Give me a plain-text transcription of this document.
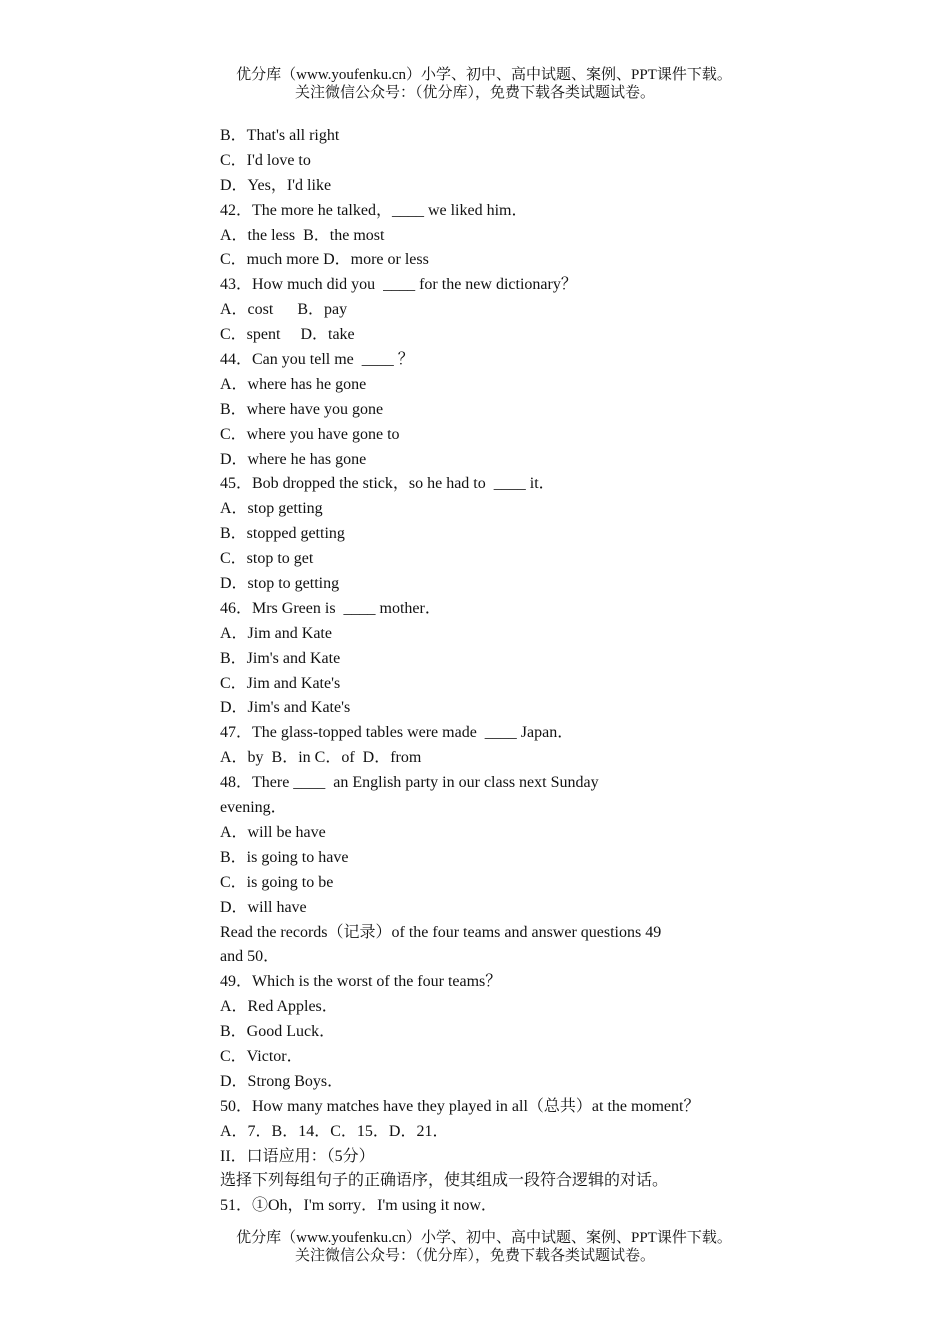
优分库（www.youfenku.cn）小学、初中、高中试题、案例、PPT课件下载。
关注微信公众号：（优分库），免费下载各类试题试卷。
B．That's all right
C．I'd love to
D．Yes，I'd like
42．The more he talked，____ we liked him．
A．the less  B．the most
C．much more D．more or less
43．How much did you  ____ for the new dictionary？
A．cost      B．pay
C．spent     D．take
44．Can you tell me  ____ ？
A．where has he gone
B．where have you gone
C．where you have gone to
D．where he has gone
45．Bob dropped the stick，so he had to  ____ it．
A．stop getting
B．stopped getting
C．stop to get
D．stop to getting
46．Mrs Green is  ____ mother．
A．Jim and Kate
B．Jim's and Kate
C．Jim and Kate's
D．Jim's and Kate's
47．The glass-topped tables were made  ____ Japan．
A．by  B．in C．of  D．from
48．There ____  an English party in our class next Sunday
evening．
A．will be have
B．is going to have
C．is going to be
D．will have
Read the records（记录）of the four teams and answer questions 49
and 50．
49．Which is the worst of the four teams？
A．Red Apples．
B．Good Luck．
C．Victor．
D．Strong Boys．
50．How many matches have they played in all（总共）at the moment？
A．7．B．14．C．15．D．21．
II．口语应用：（5分）
选择下列每组句子的正确语序，使其组成一段符合逻辑的对话。
51．①Oh，I'm sorry．I'm using it now．
优分库（www.youfenku.cn）小学、初中、高中试题、案例、PPT课件下载。
关注微信公众号：（优分库），免费下载各类试题试卷。
